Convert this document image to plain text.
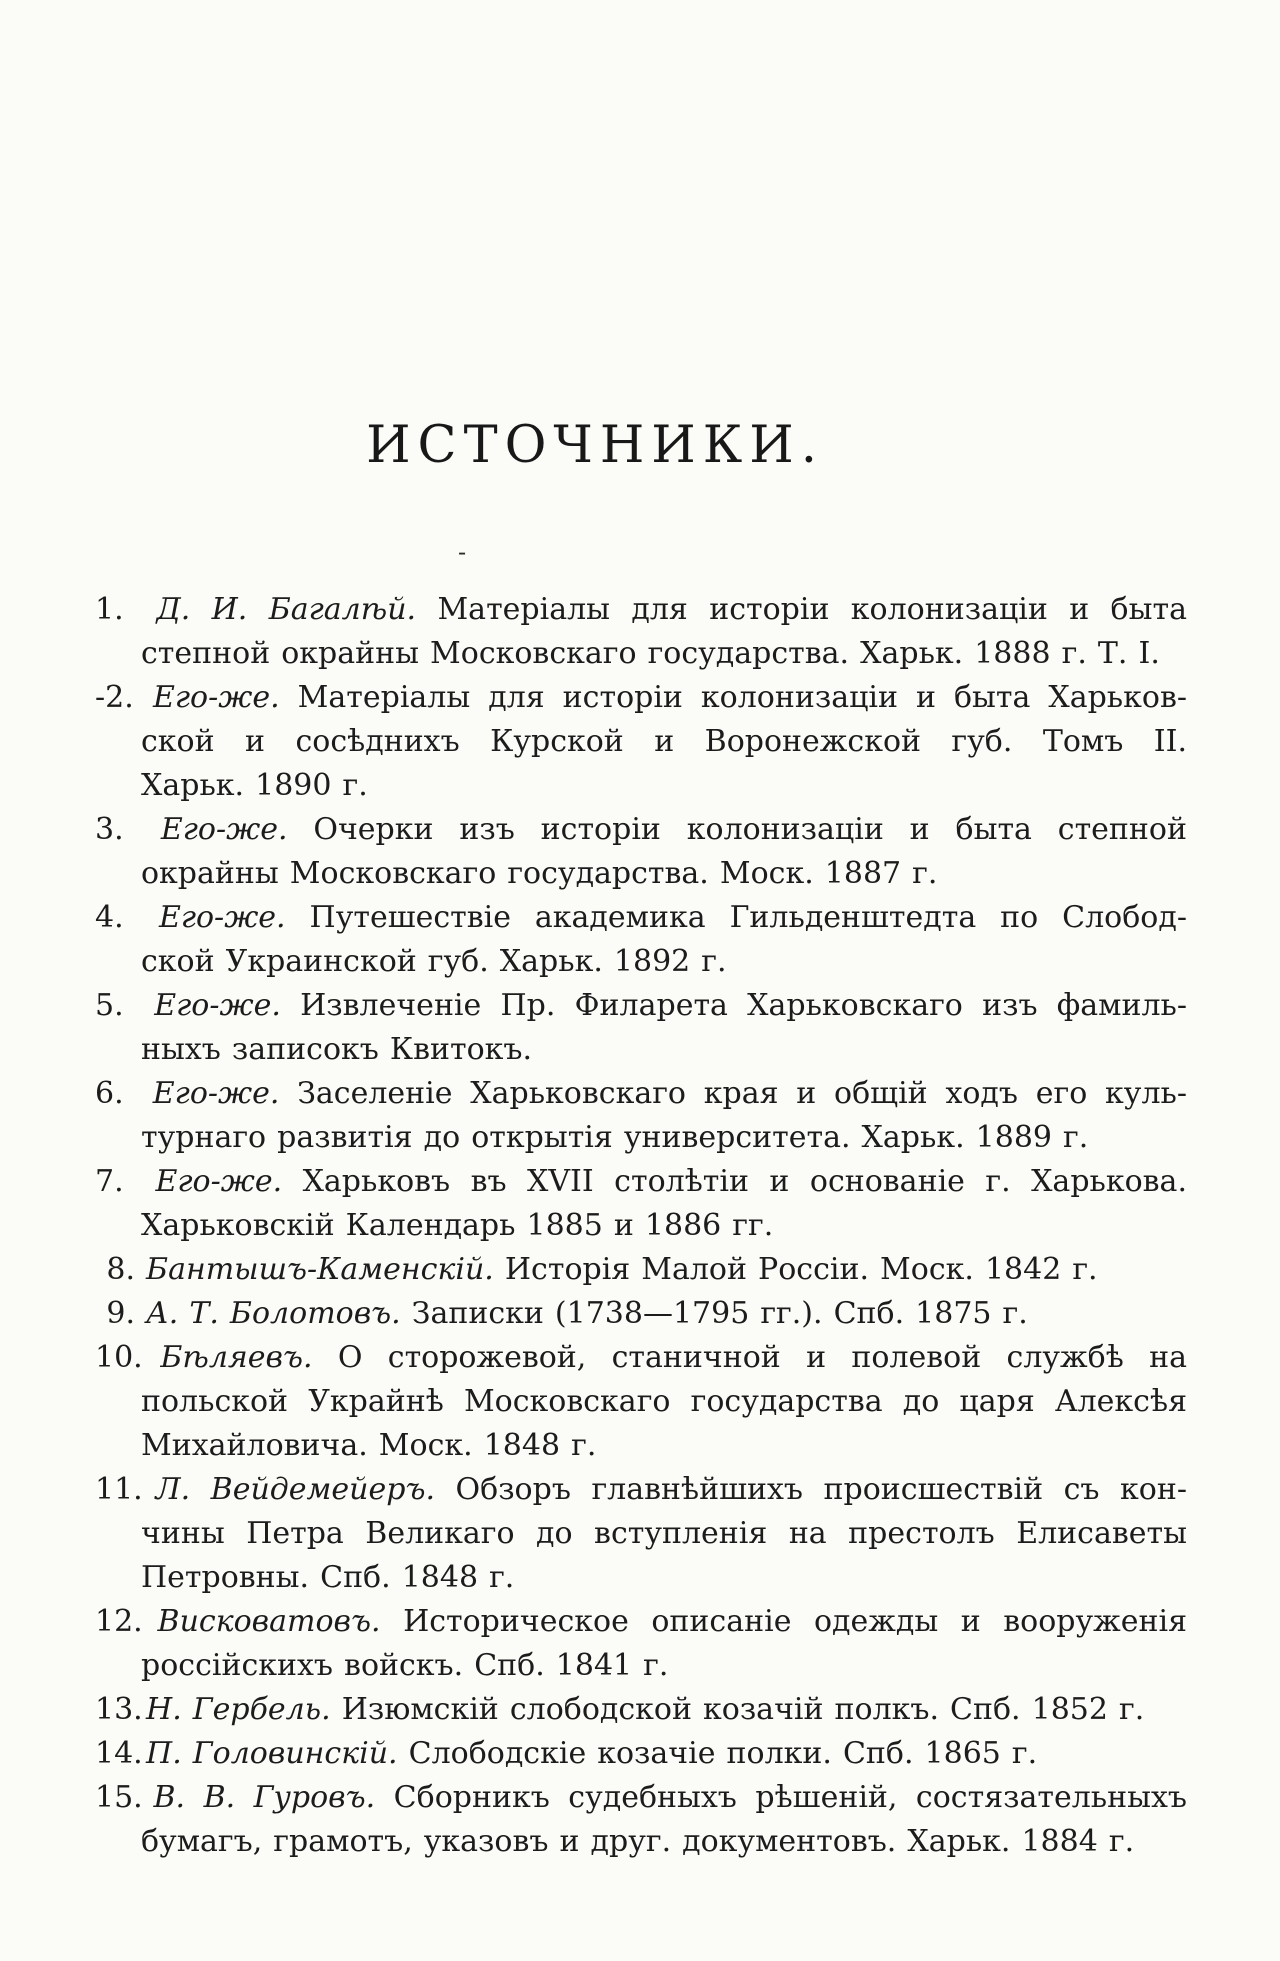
ИСТОЧНИКИ.
-
1. Д. И. Багалѣй. Матеріалы для исторіи колонизаціи и быта
степной окрайны Московскаго государства. Харьк. 1888 г. Т. I.
-2. Его-же. Матеріалы для исторіи колонизаціи и быта Харьков-
ской и сосѣднихъ Курской и Воронежской губ. Томъ II.
Харьк. 1890 г.
3. Его-же. Очерки изъ исторіи колонизаціи и быта степной
окрайны Московскаго государства. Моск. 1887 г.
4. Его-же. Путешествіе академика Гильденштедта по Слобод-
ской Украинской губ. Харьк. 1892 г.
5. Его-же. Извлеченіе Пр. Филарета Харьковскаго изъ фамиль-
ныхъ записокъ Квитокъ.
6. Его-же. Заселеніе Харьковскаго края и общій ходъ его куль-
турнаго развитія до открытія университета. Харьк. 1889 г.
7. Его-же. Харьковъ въ XVII столѣтіи и основаніе г. Харькова.
Харьковскій Календарь 1885 и 1886 гг.
8. Бантышъ-Каменскій. Исторія Малой Россіи. Моск. 1842 г.
9. А. Т. Болотовъ. Записки (1738—1795 гг.). Спб. 1875 г.
10. Бѣляевъ. О сторожевой, станичной и полевой службѣ на
польской Украйнѣ Московскаго государства до царя Алексѣя
Михайловича. Моск. 1848 г.
11. Л. Вейдемейеръ. Обзоръ главнѣйшихъ происшествій съ кон-
чины Петра Великаго до вступленія на престолъ Елисаветы
Петровны. Спб. 1848 г.
12. Висковатовъ. Историческое описаніе одежды и вооруженія
россійскихъ войскъ. Спб. 1841 г.
13. Н. Гербель. Изюмскій слободской козачій полкъ. Спб. 1852 г.
14. П. Головинскій. Слободскіе козачіе полки. Спб. 1865 г.
15. В. В. Гуровъ. Сборникъ судебныхъ рѣшеній, состязательныхъ
бумагъ, грамотъ, указовъ и друг. документовъ. Харьк. 1884 г.
